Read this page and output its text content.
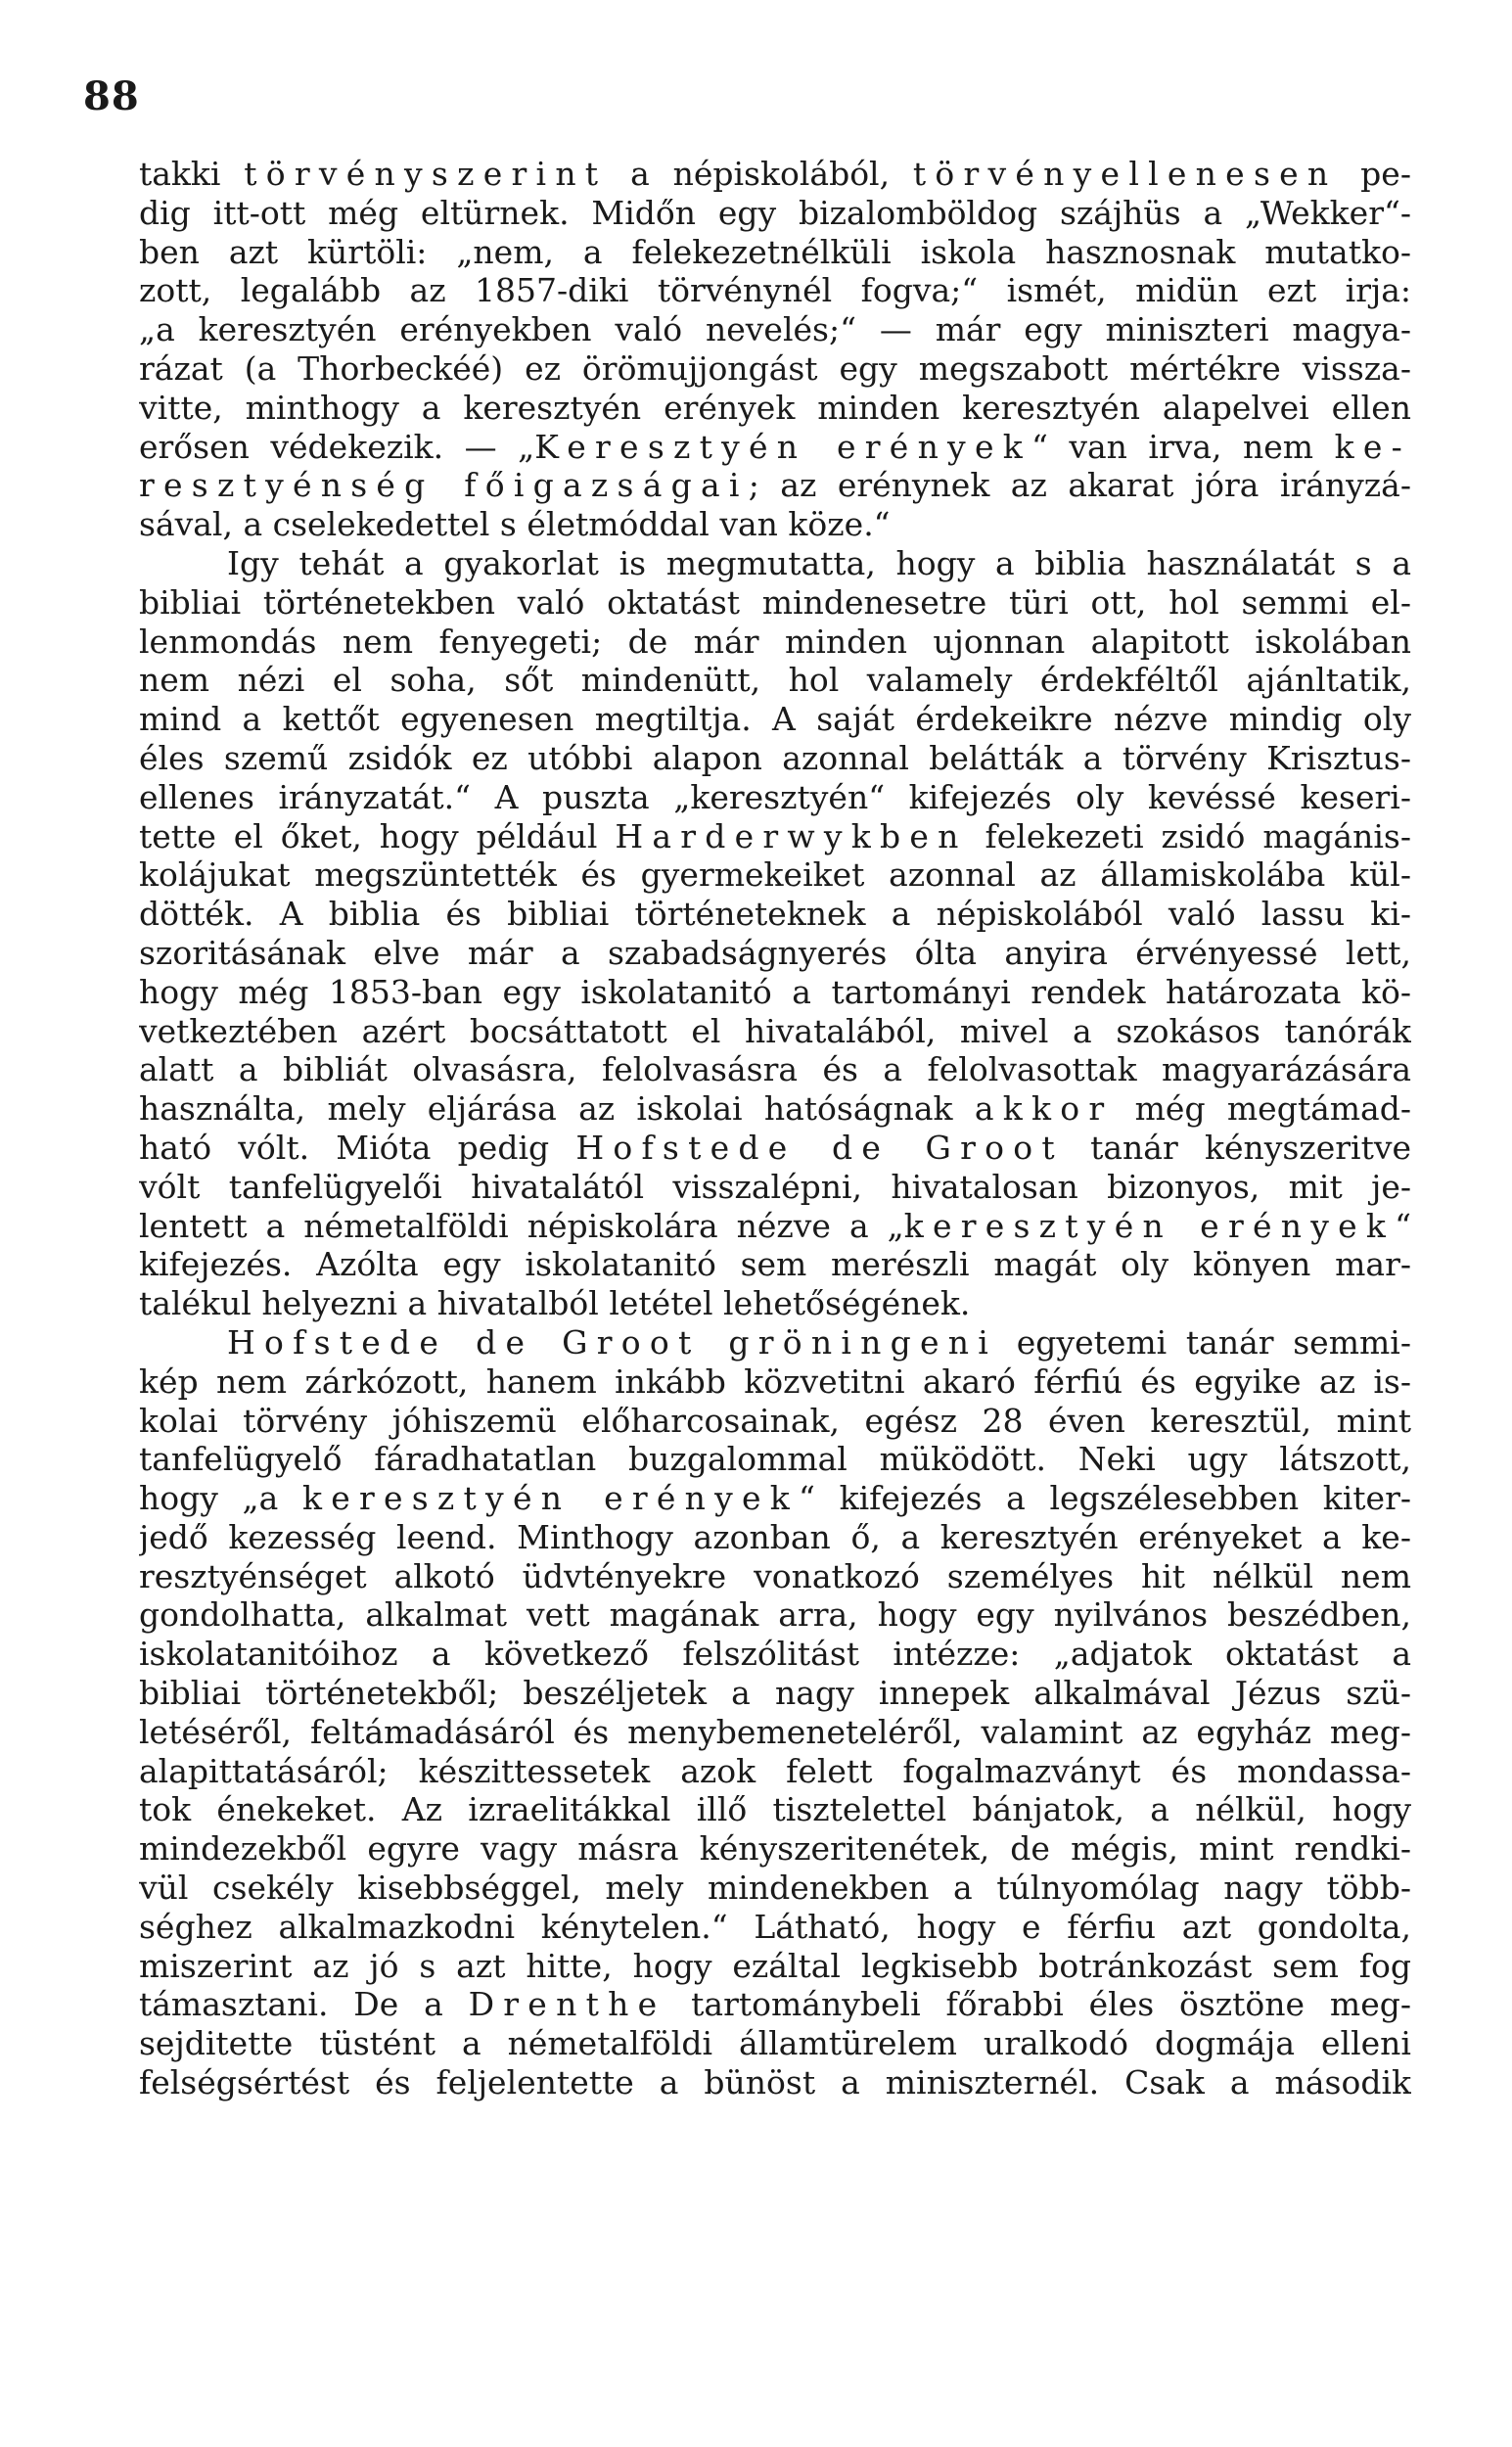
88
takki törvényszerint a népiskolából, törvényellenesen pe-
dig itt-ott még eltürnek. Midőn egy bizalomböldog szájhüs a „Wekker“-
ben azt kürtöli: „nem, a felekezetnélküli iskola hasznosnak mutatko-
zott, legalább az 1857-diki törvénynél fogva;“ ismét, midün ezt irja:
„a keresztyén erényekben való nevelés;“ — már egy miniszteri magya-
rázat (a Thorbeckéé) ez örömujjongást egy megszabott mértékre vissza-
vitte, minthogy a keresztyén erények minden keresztyén alapelvei ellen
erősen védekezik. — „Keresztyén erények“ van irva, nem ke-
resztyénség főigazságai; az erénynek az akarat jóra irányzá-
sával, a cselekedettel s életmóddal van köze.“
Igy tehát a gyakorlat is megmutatta, hogy a biblia használatát s a
bibliai történetekben való oktatást mindenesetre türi ott, hol semmi el-
lenmondás nem fenyegeti; de már minden ujonnan alapitott iskolában
nem nézi el soha, sőt mindenütt, hol valamely érdekféltől ajánltatik,
mind a kettőt egyenesen megtiltja. A saját érdekeikre nézve mindig oly
éles szemű zsidók ez utóbbi alapon azonnal belátták a törvény Krisztus-
ellenes irányzatát.“ A puszta „keresztyén“ kifejezés oly kevéssé keseri-
tette el őket, hogy például Harderwykben felekezeti zsidó magánis-
kolájukat megszüntették és gyermekeiket azonnal az államiskolába kül-
dötték. A biblia és bibliai történeteknek a népiskolából való lassu ki-
szoritásának elve már a szabadságnyerés ólta anyira érvényessé lett,
hogy még 1853-ban egy iskolatanitó a tartományi rendek határozata kö-
vetkeztében azért bocsáttatott el hivatalából, mivel a szokásos tanórák
alatt a bibliát olvasásra, felolvasásra és a felolvasottak magyarázására
használta, mely eljárása az iskolai hatóságnak akkor még megtámad-
ható vólt. Mióta pedig Hofstede de Groot tanár kényszeritve
vólt tanfelügyelői hivatalától visszalépni, hivatalosan bizonyos, mit je-
lentett a németalföldi népiskolára nézve a „keresztyén erények“
kifejezés. Azólta egy iskolatanitó sem merészli magát oly könyen mar-
talékul helyezni a hivatalból letétel lehetőségének.
Hofstede de Groot gröningeni egyetemi tanár semmi-
kép nem zárkózott, hanem inkább közvetitni akaró férfiú és egyike az is-
kolai törvény jóhiszemü előharcosainak, egész 28 éven keresztül, mint
tanfelügyelő fáradhatatlan buzgalommal müködött. Neki ugy látszott,
hogy „a keresztyén erények“ kifejezés a legszélesebben kiter-
jedő kezesség leend. Minthogy azonban ő, a keresztyén erényeket a ke-
resztyénséget alkotó üdvtényekre vonatkozó személyes hit nélkül nem
gondolhatta, alkalmat vett magának arra, hogy egy nyilvános beszédben,
iskolatanitóihoz a következő felszólitást intézze: „adjatok oktatást a
bibliai történetekből; beszéljetek a nagy innepek alkalmával Jézus szü-
letéséről, feltámadásáról és menybemeneteléről, valamint az egyház meg-
alapittatásáról; készittessetek azok felett fogalmazványt és mondassa-
tok énekeket. Az izraelitákkal illő tisztelettel bánjatok, a nélkül, hogy
mindezekből egyre vagy másra kényszeritenétek, de mégis, mint rendki-
vül csekély kisebbséggel, mely mindenekben a túlnyomólag nagy több-
séghez alkalmazkodni kénytelen.“ Látható, hogy e férfiu azt gondolta,
miszerint az jó s azt hitte, hogy ezáltal legkisebb botránkozást sem fog
támasztani. De a Drenthe tartománybeli főrabbi éles ösztöne meg-
sejditette tüstént a németalföldi államtürelem uralkodó dogmája elleni
felségsértést és feljelentette a bünöst a miniszternél. Csak a második
